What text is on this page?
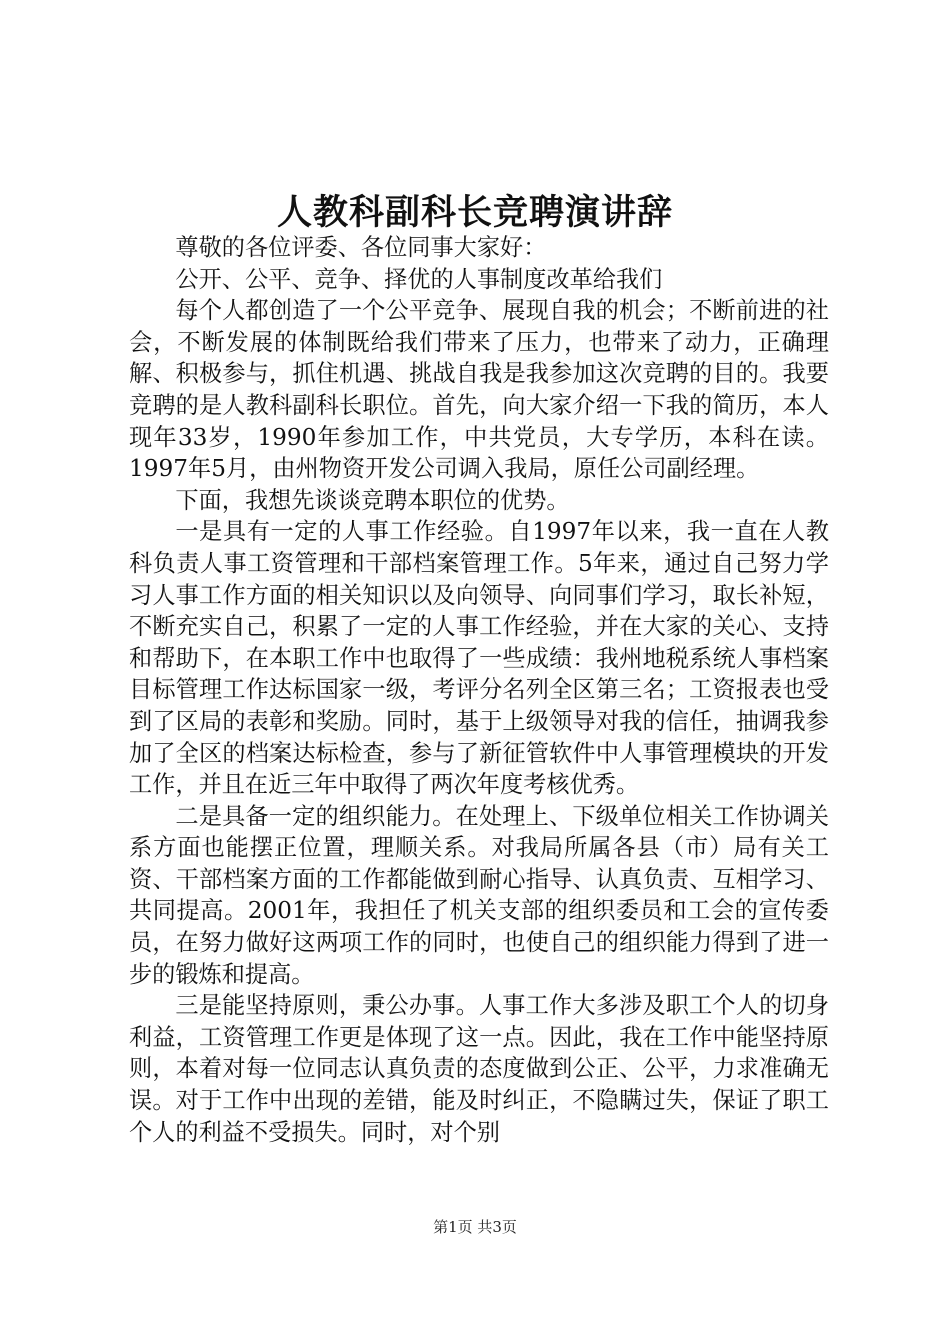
人教科副科长竞聘演讲辞

尊敬的各位评委、各位同事大家好：

公开、公平、竞争、择优的人事制度改革给我们

每个人都创造了一个公平竞争、展现自我的机会；不断前进的社会，不断发展的体制既给我们带来了压力，也带来了动力，正确理解、积极参与，抓住机遇、挑战自我是我参加这次竞聘的目的。我要竞聘的是人教科副科长职位。首先，向大家介绍一下我的简历，本人现年33岁，1990年参加工作，中共党员，大专学历，本科在读。1997年5月，由州物资开发公司调入我局，原任公司副经理。

下面，我想先谈谈竞聘本职位的优势。

一是具有一定的人事工作经验。自1997年以来，我一直在人教科负责人事工资管理和干部档案管理工作。5年来，通过自己努力学习人事工作方面的相关知识以及向领导、向同事们学习，取长补短，不断充实自己，积累了一定的人事工作经验，并在大家的关心、支持和帮助下，在本职工作中也取得了一些成绩：我州地税系统人事档案目标管理工作达标国家一级，考评分名列全区第三名；工资报表也受到了区局的表彰和奖励。同时，基于上级领导对我的信任，抽调我参加了全区的档案达标检查，参与了新征管软件中人事管理模块的开发工作，并且在近三年中取得了两次年度考核优秀。

二是具备一定的组织能力。在处理上、下级单位相关工作协调关系方面也能摆正位置，理顺关系。对我局所属各县（市）局有关工资、干部档案方面的工作都能做到耐心指导、认真负责、互相学习、共同提高。2001年，我担任了机关支部的组织委员和工会的宣传委员，在努力做好这两项工作的同时，也使自己的组织能力得到了进一步的锻炼和提高。

三是能坚持原则，秉公办事。人事工作大多涉及职工个人的切身利益，工资管理工作更是体现了这一点。因此，我在工作中能坚持原则，本着对每一位同志认真负责的态度做到公正、公平，力求准确无误。对于工作中出现的差错，能及时纠正，不隐瞒过失，保证了职工个人的利益不受损失。同时，对个别

第1页 共3页
